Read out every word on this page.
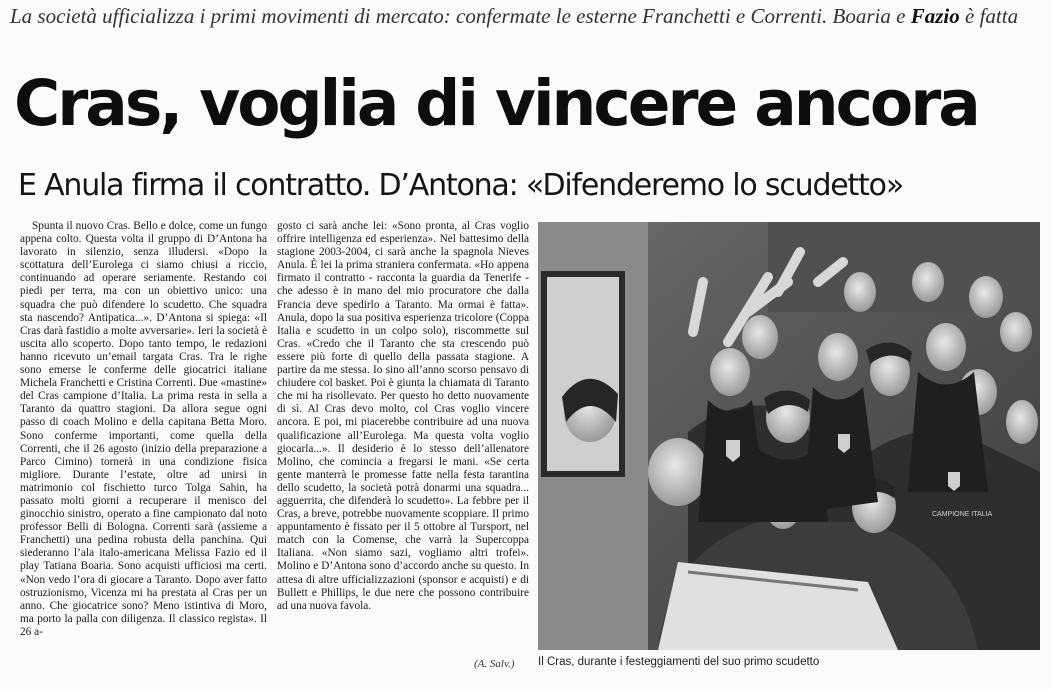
La società ufficializza i primi movimenti di mercato: confermate le esterne Franchetti e Correnti. Boaria e Fazio è fatta
Cras, voglia di vincere ancora
E Anula firma il contratto. D’Antona: «Difenderemo lo scudetto»

Spunta il nuovo Cras. Bello e dolce, come un fungo appena colto. Questa volta il gruppo di D’Antona ha lavorato in silenzio, senza illudersi. «Dopo la scottatura dell’Eurolega ci siamo chiusi a riccio, continuando ad operare seriamente. Restando coi piedi per terra, ma con un obiettivo unico: una squadra che può difendere lo scudetto. Che squadra sta nascendo? Antipatica...». D’Antona si spiega: «Il Cras darà fastidio a molte avversarie». Ieri la società è uscita allo scoperto. Dopo tanto tempo, le redazioni hanno ricevuto un’email targata Cras. Tra le righe sono emerse le conferme delle giocatrici italiane Michela Franchetti e Cristina Correnti. Due «mastine» del Cras campione d’Italia. La prima resta in sella a Taranto da quattro stagioni. Da allora segue ogni passo di coach Molino e della capitana Betta Moro. Sono conferme importanti, come quella della Correnti, che il 26 agosto (inizio della preparazione a Parco Cimino) tornerà in una condizione fisica migliore. Durante l’estate, oltre ad unirsi in matrimonio col fischietto turco Tolga Sahin, ha passato molti giorni a recuperare il menisco del ginocchio sinistro, operato a fine campionato dal noto professor Belli di Bologna. Correnti sarà (assieme a Franchetti) una pedina robusta della panchina. Qui siederanno l’ala italo-americana Melissa Fazio ed il play Tatiana Boaria. Sono acquisti ufficiosi ma certi. «Non vedo l’ora di giocare a Taranto. Dopo aver fatto ostruzionismo, Vicenza mi ha prestata al Cras per un anno. Che giocatrice sono? Meno istintiva di Moro, ma porto la palla con diligenza. Il classico regista». Il 26 a-

gosto ci sarà anche lei: «Sono pronta, al Cras voglio offrire intelligenza ed esperienza». Nel battesimo della stagione 2003-2004, ci sarà anche la spagnola Nieves Anula. È lei la prima straniera confermata. «Ho appena firmato il contratto - racconta la guardia da Tenerife - che adesso è in mano del mio procuratore che dalla Francia deve spedirlo a Taranto. Ma ormai è fatta». Anula, dopo la sua positiva esperienza tricolore (Coppa Italia e scudetto in un colpo solo), riscommette sul Cras. «Credo che il Taranto che sta crescendo può essere più forte di quello della passata stagione. A partire da me stessa. Io sino all’anno scorso pensavo di chiudere col basket. Poi è giunta la chiamata di Taranto che mi ha risollevato. Per questo ho detto nuovamente di sì. Al Cras devo molto, col Cras voglio vincere ancora. E poi, mi piacerebbe contribuire ad una nuova qualificazione all’Eurolega. Ma questa volta voglio giocarla...». Il desiderio è lo stesso dell’allenatore Molino, che comincia a fregarsi le mani. «Se certa gente manterrà le promesse fatte nella festa tarantina dello scudetto, la società potrà donarmi una squadra... agguerrita, che difenderà lo scudetto». La febbre per il Cras, a breve, potrebbe nuovamente scoppiare. Il primo appuntamento è fissato per il 5 ottobre al Tursport, nel match con la Comense, che varrà la Supercoppa Italiana. «Non siamo sazi, vogliamo altri trofei». Molino e D’Antona sono d’accordo anche su questo. In attesa di altre ufficializzazioni (sponsor e acquisti) e di Bullett e Phillips, le due nere che possono contribuire ad una nuova favola.

(A. Salv.)
CAMPIONE ITALIA
Il Cras, durante i festeggiamenti del suo primo scudetto
